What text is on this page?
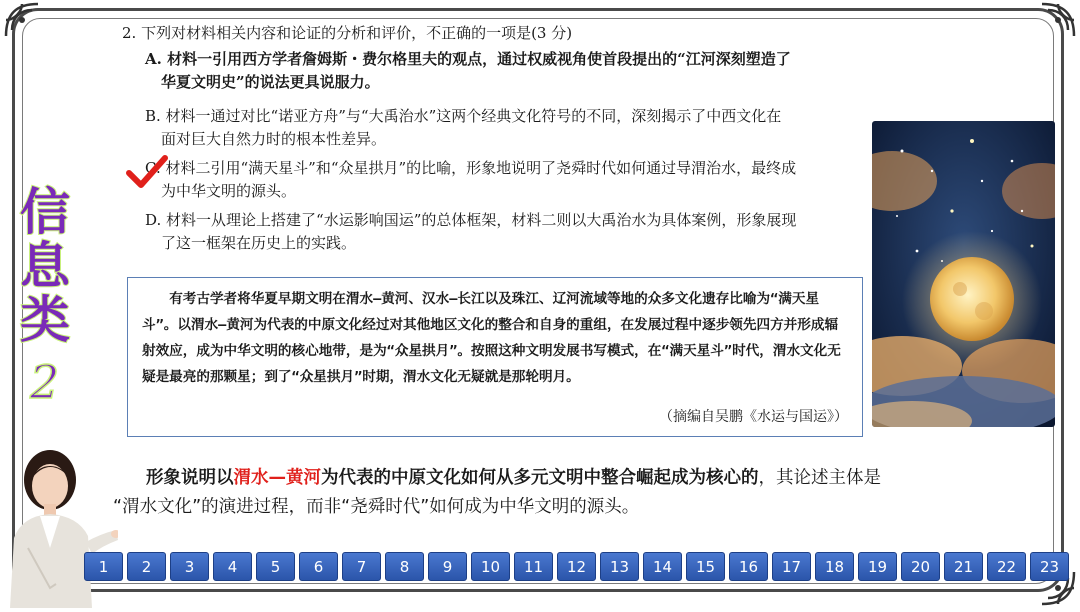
2. 下列对材料相关内容和论证的分析和评价，不正确的一项是(3 分)
A. 材料一引用西方学者詹姆斯・费尔格里夫的观点，通过权威视角使首段提出的“江河深刻塑造了
华夏文明史”的说法更具说服力。
B. 材料一通过对比“诺亚方舟”与“大禹治水”这两个经典文化符号的不同，深刻揭示了中西文化在
面对巨大自然力时的根本性差异。
C. 材料二引用“满天星斗”和“众星拱月”的比喻，形象地说明了尧舜时代如何通过导渭治水，最终成
为中华文明的源头。
D. 材料一从理论上搭建了“水运影响国运”的总体框架，材料二则以大禹治水为具体案例，形象展现
了这一框架在历史上的实践。

有考古学者将华夏早期文明在渭水—黄河、汉水—长江以及珠江、辽河流域等地的众多文化遗存比喻为“满天星斗”。以渭水—黄河为代表的中原文化经过对其他地区文化的整合和自身的重组，在发展过程中逐步领先四方并形成辐射效应，成为中华文明的核心地带，是为“众星拱月”。按照这种文明发展书写模式，在“满天星斗”时代，渭水文化无疑是最亮的那颗星；到了“众星拱月”时期，渭水文化无疑就是那轮明月。

（摘编自吴鹏《水运与国运》）
信
息
类
2
形象说明以渭水—黄河为代表的中原文化如何从多元文明中整合崛起成为核心的，其论述主体是
“渭水文化”的演进过程，而非“尧舜时代”如何成为中华文明的源头。
1	2	3	4	5	6	7	8	9	10	11	12	13	14	15	16	17	18	19	20	21	22	23
